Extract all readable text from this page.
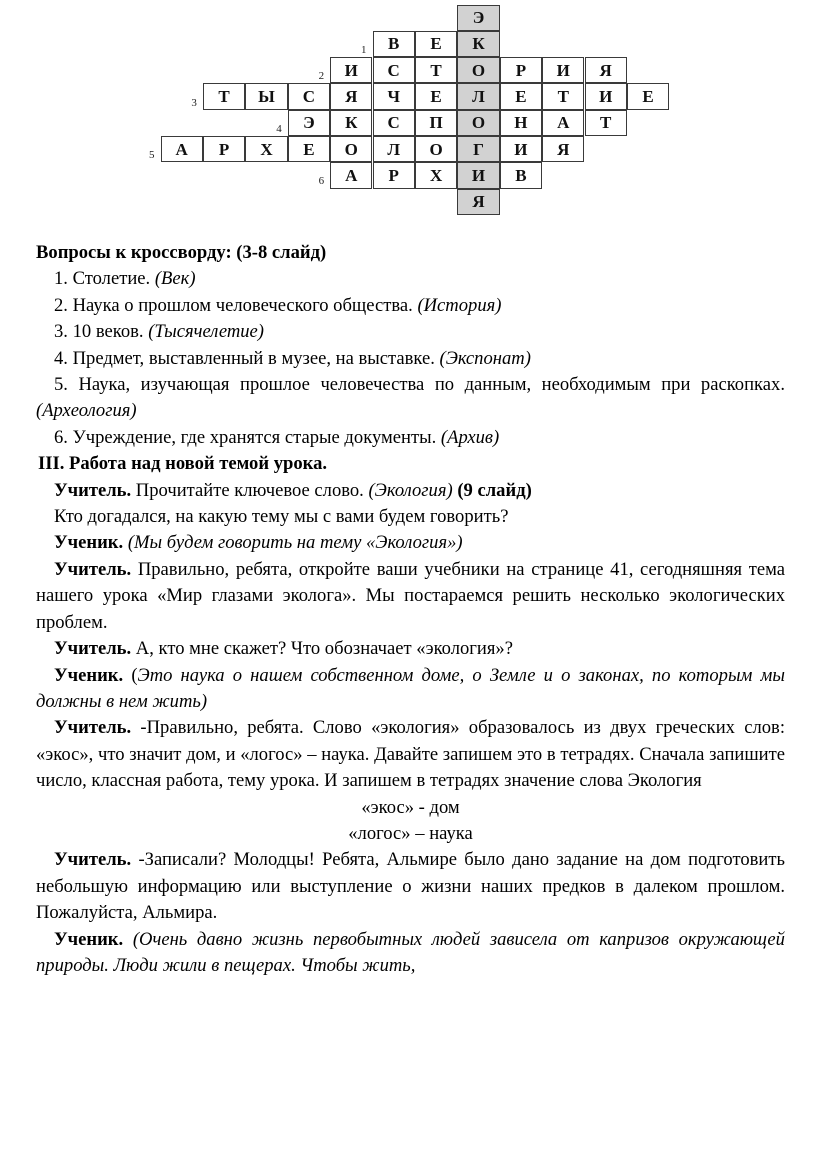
Э
1	В	Е	К
2	И	С	Т	О	Р	И	Я
3	Т	Ы	С	Я	Ч	Е	Л	Е	Т	И	Е
4	Э	К	С	П	О	Н	А	Т
5	А	Р	Х	Е	О	Л	О	Г	И	Я
6	А	Р	Х	И	В
Я

Вопросы к кроссворду: (3-8 слайд)

1. Столетие. (Век)

2. Наука о прошлом человеческого общества. (История)

3. 10 веков. (Тысячелетие)

4. Предмет, выставленный в музее, на выставке. (Экспонат)

5. Наука, изучающая прошлое человечества по данным, необходимым при раскопках. (Археология)

6. Учреждение, где хранятся старые документы. (Архив)

III. Работа над новой темой урока.

Учитель. Прочитайте ключевое слово. (Экология) (9 слайд)

Кто догадался, на какую тему мы с вами будем говорить?

Ученик. (Мы будем говорить на тему «Экология»)

Учитель. Правильно, ребята, откройте ваши учебники на странице 41, сегодняшняя тема нашего урока «Мир глазами эколога». Мы постараемся решить несколько экологических проблем.

Учитель. А, кто мне скажет? Что обозначает «экология»?

Ученик. (Это наука о нашем собственном доме, о Земле и о законах, по которым мы должны в нем жить)

Учитель. -Правильно, ребята. Слово «экология» образовалось из двух греческих слов: «экос», что значит дом, и «логос» – наука. Давайте запишем это в тетрадях. Сначала запишите число, классная работа, тему урока. И запишем в тетрадях значение слова Экология

«экос» - дом

«логос» – наука

Учитель. -Записали? Молодцы! Ребята, Альмире было дано задание на дом подготовить небольшую информацию или выступление о жизни наших предков в далеком прошлом. Пожалуйста, Альмира.

Ученик. (Очень давно жизнь первобытных людей зависела от капризов окружающей природы. Люди жили в пещерах. Чтобы жить,
